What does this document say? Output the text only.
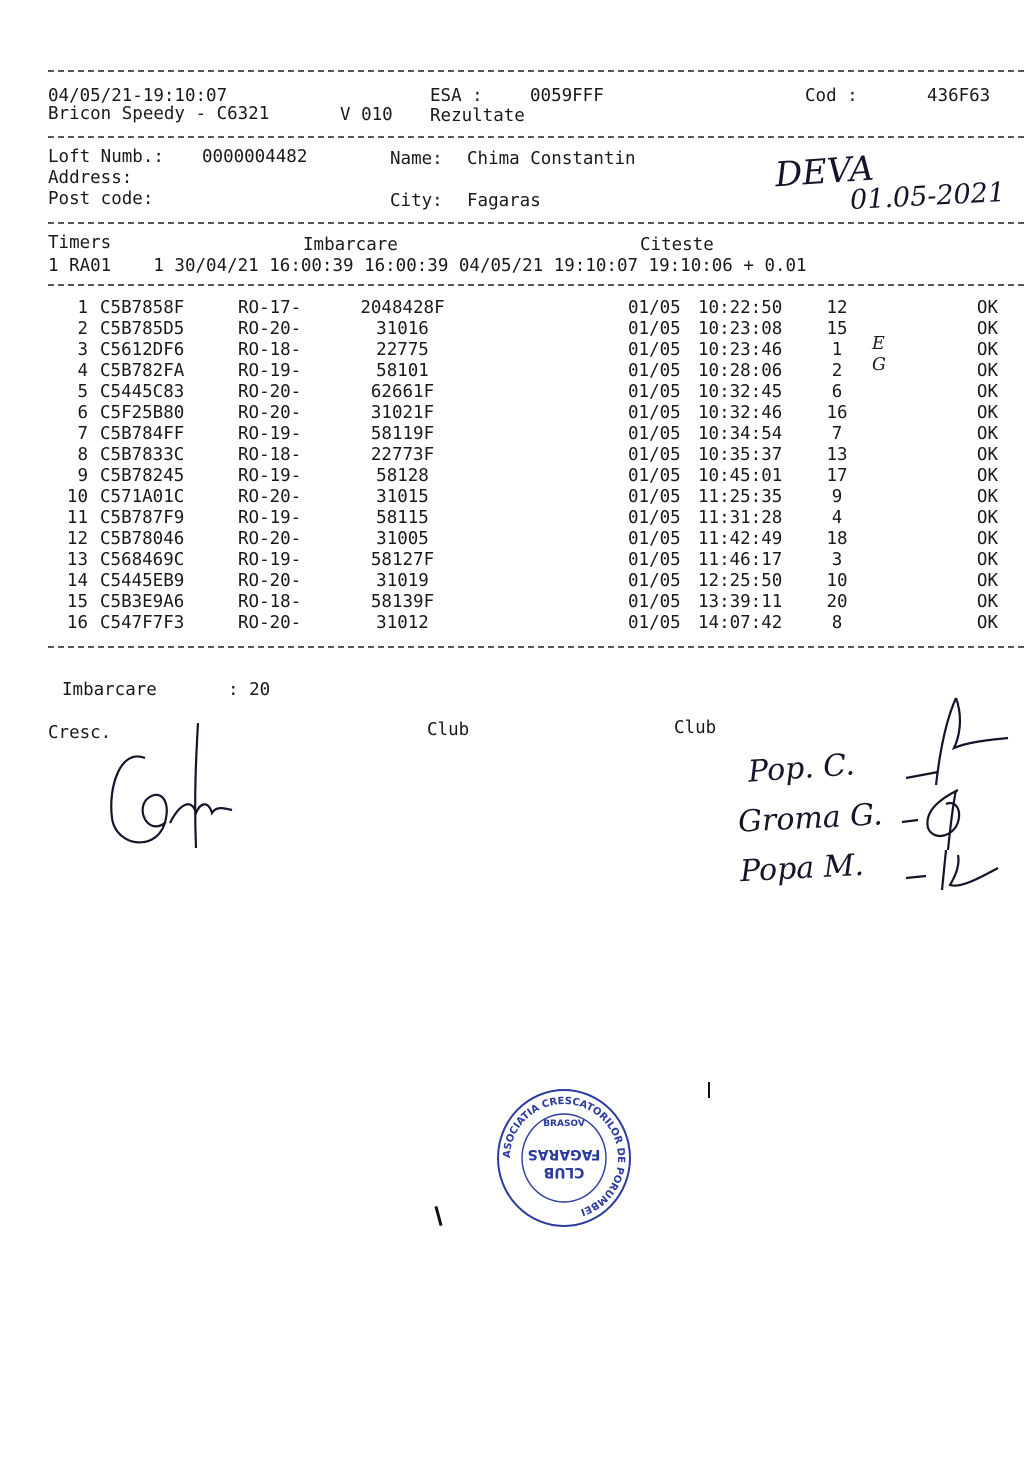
04/05/21-19:10:07	ESA :	0059FFF	Cod :	436F63
Bricon Speedy - C6321	V 010 Rezultate
Loft Numb.: 0000004482	Name: Chima Constantin
Address:
Post code:	City: Fagaras
DEVA
01.05-2021
Timers	Imbarcare	Citeste
1 RA01    1 30/04/21 16:00:39 16:00:39 04/05/21 19:10:07 19:10:06 + 0.01
1 C5B7858F	RO-17-	2048428F	01/05 10:22:50	12	OK
2 C5B785D5	RO-20-	31016	01/05 10:23:08	15	OK
3 C5612DF6	RO-18-	22775	01/05 10:23:46	1	E	OK
4 C5B782FA	RO-19-	58101	01/05 10:28:06	2	G	OK
5 C5445C83	RO-20-	62661F	01/05 10:32:45	6	OK
6 C5F25B80	RO-20-	31021F	01/05 10:32:46	16	OK
7 C5B784FF	RO-19-	58119F	01/05 10:34:54	7	OK
8 C5B7833C	RO-18-	22773F	01/05 10:35:37	13	OK
9 C5B78245	RO-19-	58128	01/05 10:45:01	17	OK
10 C571A01C	RO-20-	31015	01/05 11:25:35	9	OK
11 C5B787F9	RO-19-	58115	01/05 11:31:28	4	OK
12 C5B78046	RO-20-	31005	01/05 11:42:49	18	OK
13 C568469C	RO-19-	58127F	01/05 11:46:17	3	OK
14 C5445EB9	RO-20-	31019	01/05 12:25:50	10	OK
15 C5B3E9A6	RO-18-	58139F	01/05 13:39:11	20	OK
16 C547F7F3	RO-20-	31012	01/05 14:07:42	8	OK
Imbarcare	: 20
Cresc.	Club	Club
Pop. C.
Groma G.
Popa M.
ASOCIATIA CRESCATORILOR DE PORUMBEI
BRASOV
FAGARAS
CLUB
